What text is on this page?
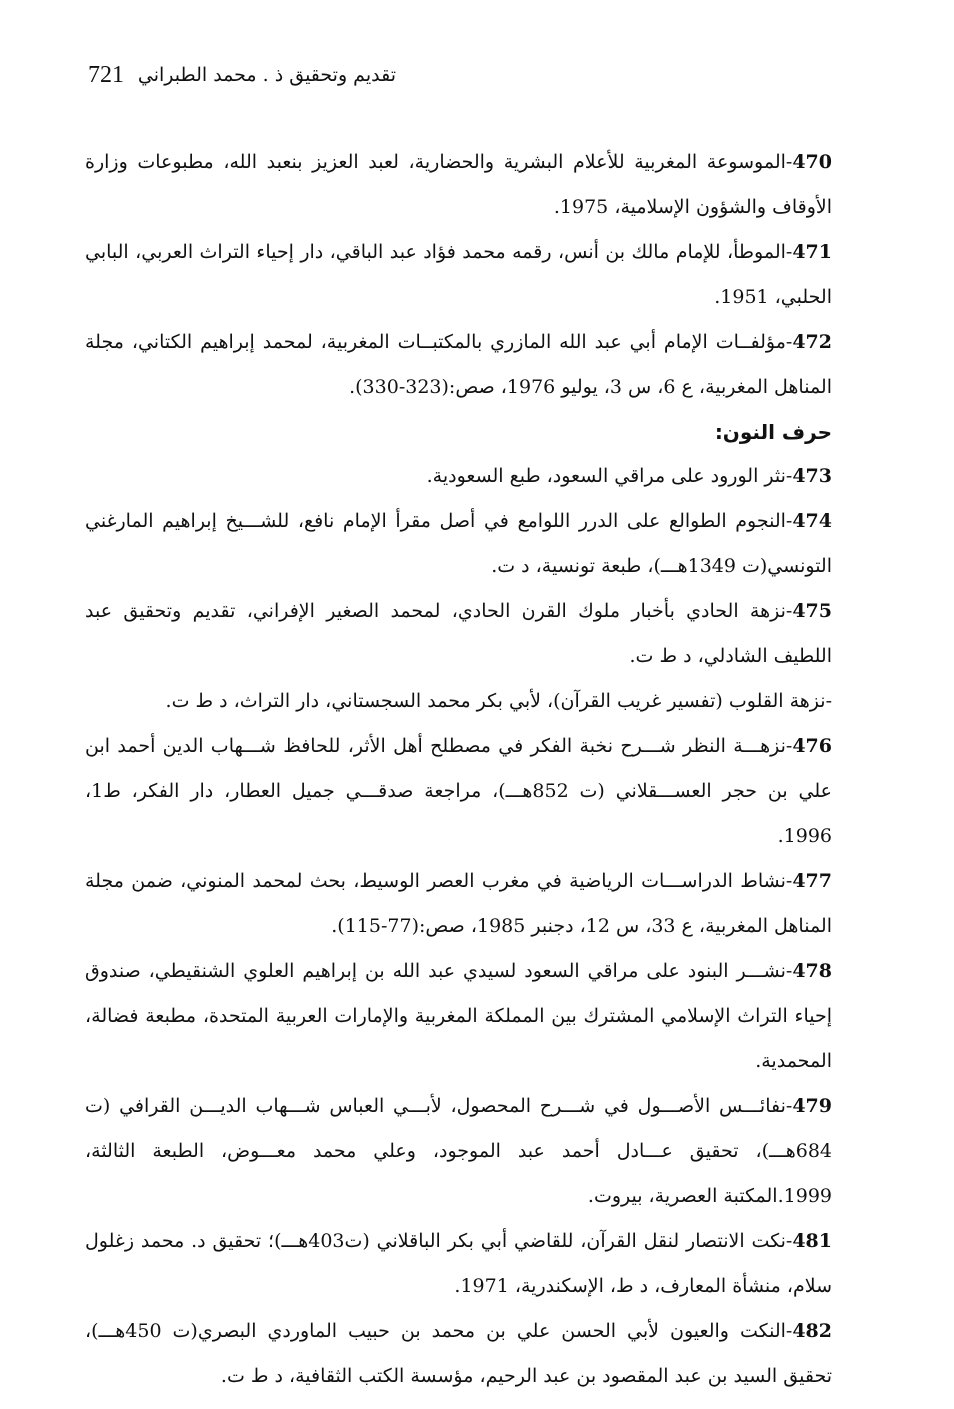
721 تقديم وتحقيق ذ . محمد الطبراني

470-الموسوعة المغربية للأعلام البشرية والحضارية، لعبد العزيز بنعبد الله، مطبوعات وزارة الأوقاف والشؤون الإسلامية، 1975.

471-الموطأ، للإمام مالك بن أنس، رقمه محمد فؤاد عبد الباقي، دار إحياء التراث العربي، البابي الحلبي، 1951.

472-مؤلفــات الإمام أبي عبد الله المازري بالمكتبــات المغربية، لمحمد إبراهيم الكتاني، مجلة المناهل المغربية، ع 6، س 3، يوليو 1976، صص:(323-330).

حرف النون:

473-نثر الورود على مراقي السعود، طبع السعودية.

474-النجوم الطوالع على الدرر اللوامع في أصل مقرأ الإمام نافع، للشـــيخ إبراهيم المارغني التونسي(ت 1349هـــ)، طبعة تونسية، د ت.

475-نزهة الحادي بأخبار ملوك القرن الحادي، لمحمد الصغير الإفراني، تقديم وتحقيق عبد اللطيف الشادلي، د ط ت.

-نزهة القلوب (تفسير غريب القرآن)، لأبي بكر محمد السجستاني، دار التراث، د ط ت.

476-نزهـــة النظر شـــرح نخبة الفكر في مصطلح أهل الأثر، للحافظ شـــهاب الدين أحمد ابن علي بن حجر العســـقلاني (ت 852هـــ)، مراجعة صدقـــي جميل العطار، دار الفكر، ط1، 1996.

477-نشاط الدراســـات الرياضية في مغرب العصر الوسيط، بحث لمحمد المنوني، ضمن مجلة المناهل المغربية، ع 33، س 12، دجنبر 1985، صص:(77-115).

478-نشـــر البنود على مراقي السعود لسيدي عبد الله بن إبراهيم العلوي الشنقيطي، صندوق إحياء التراث الإسلامي المشترك بين المملكة المغربية والإمارات العربية المتحدة، مطبعة فضالة، المحمدية.

479-نفائـــس الأصـــول في شـــرح المحصول، لأبـــي العباس شـــهاب الديـــن القرافي (ت 684هـــ)، تحقيق عـــادل أحمد عبد الموجود، وعلي محمد معـــوض، الطبعة الثالثة، 1999.المكتبة العصرية، بيروت.

481-نكت الانتصار لنقل القرآن، للقاضي أبي بكر الباقلاني (ت403هـــ)؛ تحقيق د. محمد زغلول سلام، منشأة المعارف، د ط، الإسكندرية، 1971.

482-النكت والعيون لأبي الحسن علي بن محمد بن حبيب الماوردي البصري(ت 450هـــ)، تحقيق السيد بن عبد المقصود بن عبد الرحيم، مؤسسة الكتب الثقافية، د ط ت.
